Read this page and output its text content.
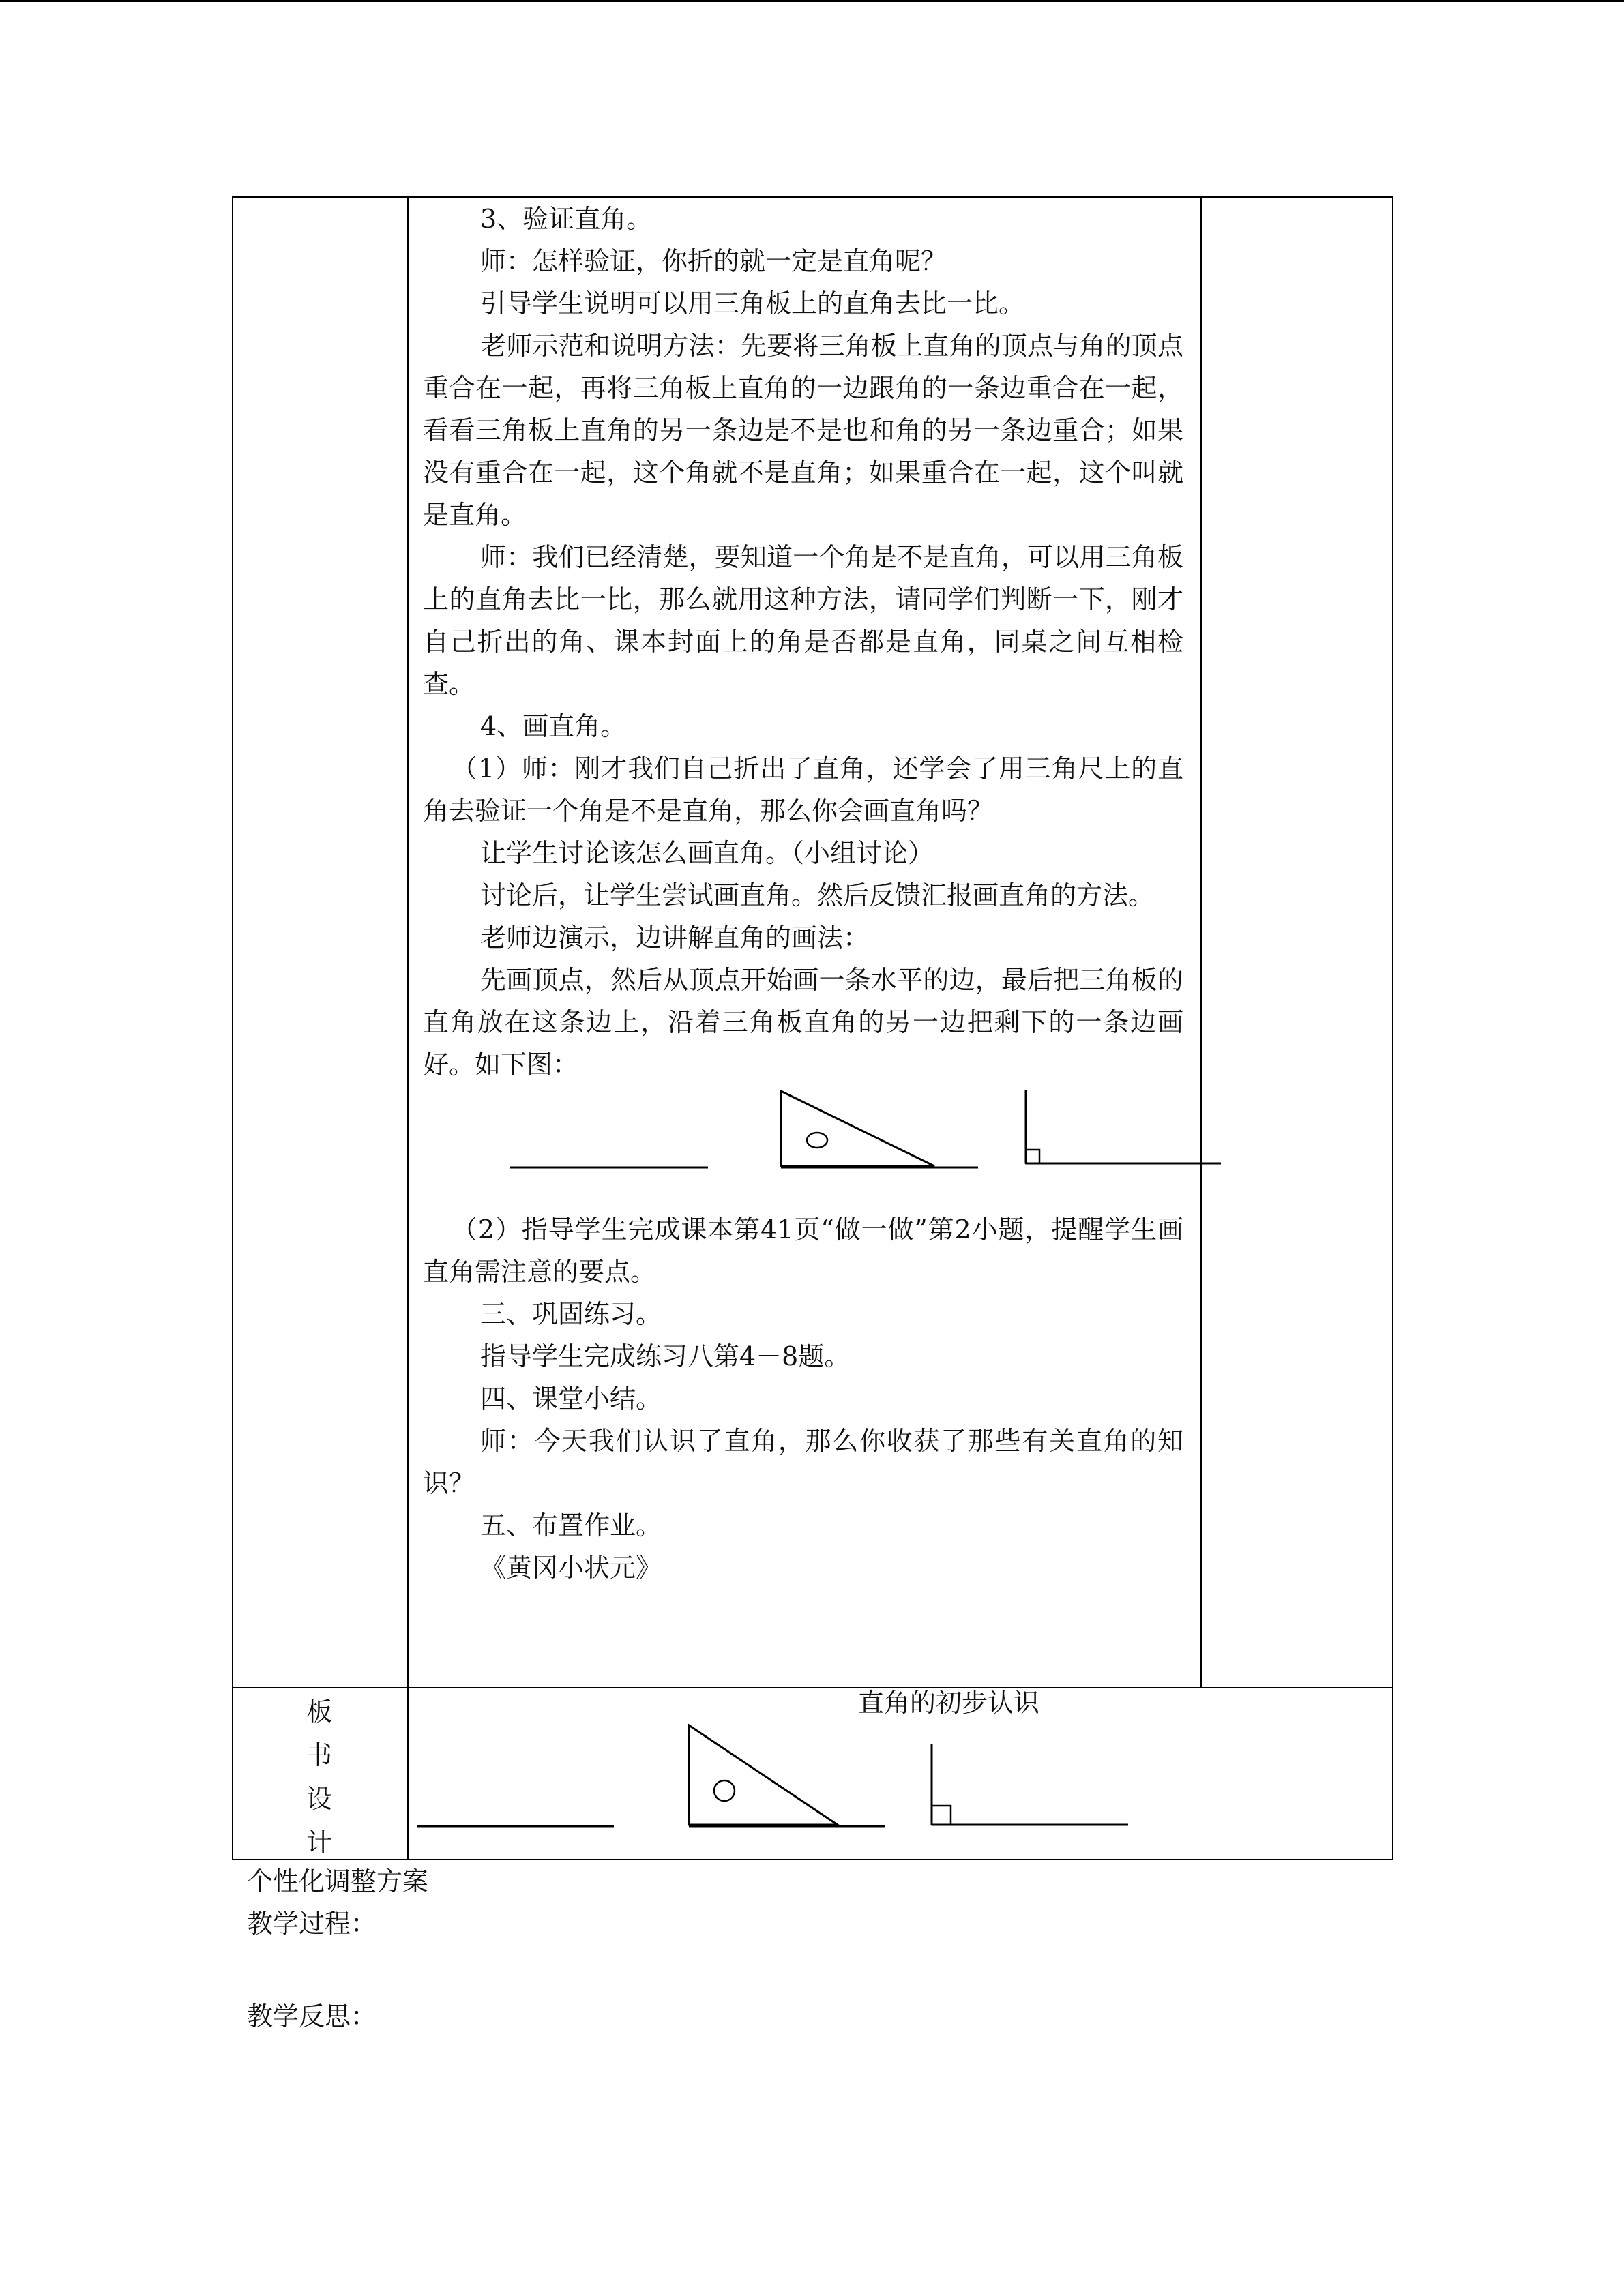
3、验证直角。

师：怎样验证，你折的就一定是直角呢？

引导学生说明可以用三角板上的直角去比一比。

老师示范和说明方法：先要将三角板上直角的顶点与角的顶点重合在一起，再将三角板上直角的一边跟角的一条边重合在一起，看看三角板上直角的另一条边是不是也和角的另一条边重合；如果没有重合在一起，这个角就不是直角；如果重合在一起，这个叫就是直角。

师：我们已经清楚，要知道一个角是不是直角，可以用三角板上的直角去比一比，那么就用这种方法，请同学们判断一下，刚才自己折出的角、课本封面上的角是否都是直角，同桌之间互相检查。

4、画直角。

（1）师：刚才我们自己折出了直角，还学会了用三角尺上的直角去验证一个角是不是直角，那么你会画直角吗？

让学生讨论该怎么画直角。（小组讨论）

讨论后，让学生尝试画直角。然后反馈汇报画直角的方法。

老师边演示，边讲解直角的画法：

先画顶点，然后从顶点开始画一条水平的边，最后把三角板的直角放在这条边上，沿着三角板直角的另一边把剩下的一条边画好。如下图：

（2）指导学生完成课本第41页“做一做”第2小题，提醒学生画直角需注意的要点。

三、巩固练习。

指导学生完成练习八第4－8题。

四、课堂小结。

师：今天我们认识了直角，那么你收获了那些有关直角的知识？

五、布置作业。

《黄冈小状元》

板
书
设
计
直角的初步认识
个性化调整方案
教学过程：
教学反思：
